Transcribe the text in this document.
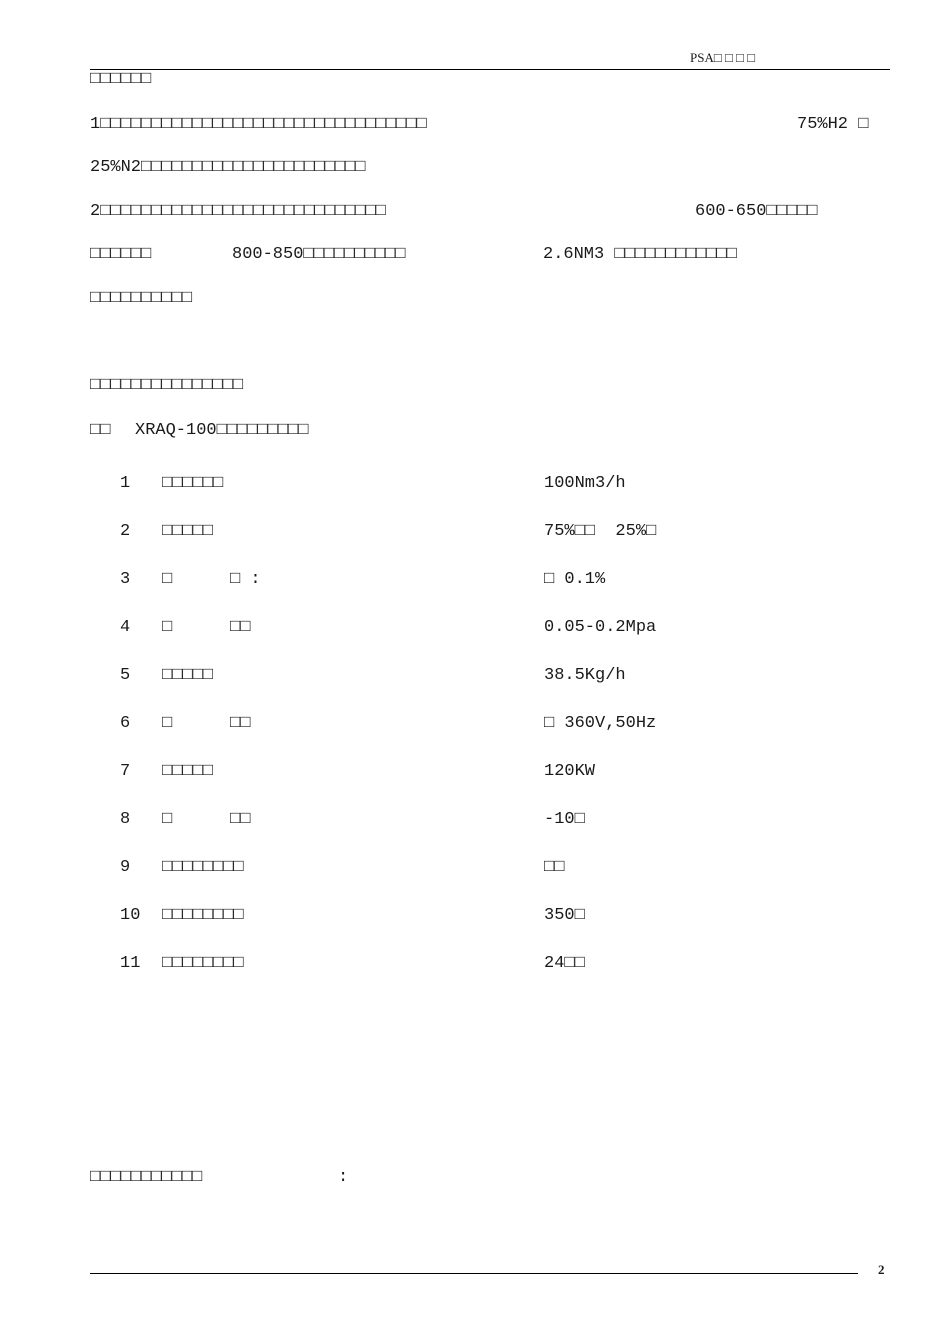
PSA□ □ □ □
□□□□□□
1□□□□□□□□□□□□□□□□□□□□□□□□□□□□□□□□	75%H2 □
25%N2□□□□□□□□□□□□□□□□□□□□□□
2□□□□□□□□□□□□□□□□□□□□□□□□□□□□	600-650□□□□□
□□□□□□	800-850□□□□□□□□□□	2.6NM3 □□□□□□□□□□□□
□□□□□□□□□□
□□□□□□□□□□□□□□□
□□ XRAQ-100□□□□□□□□□
1 □□□□□□	100Nm3/h
2 □□□□□	75%□□  25%□
3 □	□ :	□ 0.1%
4 □	□□	0.05-0.2Mpa
5 □□□□□	38.5Kg/h
6 □	□□	□ 360V,50Hz
7 □□□□□	120KW
8 □	□□	-10□
9 □□□□□□□□	□□
10 □□□□□□□□	350□
11 □□□□□□□□	24□□
□□□□□□□□□□□	:
2
